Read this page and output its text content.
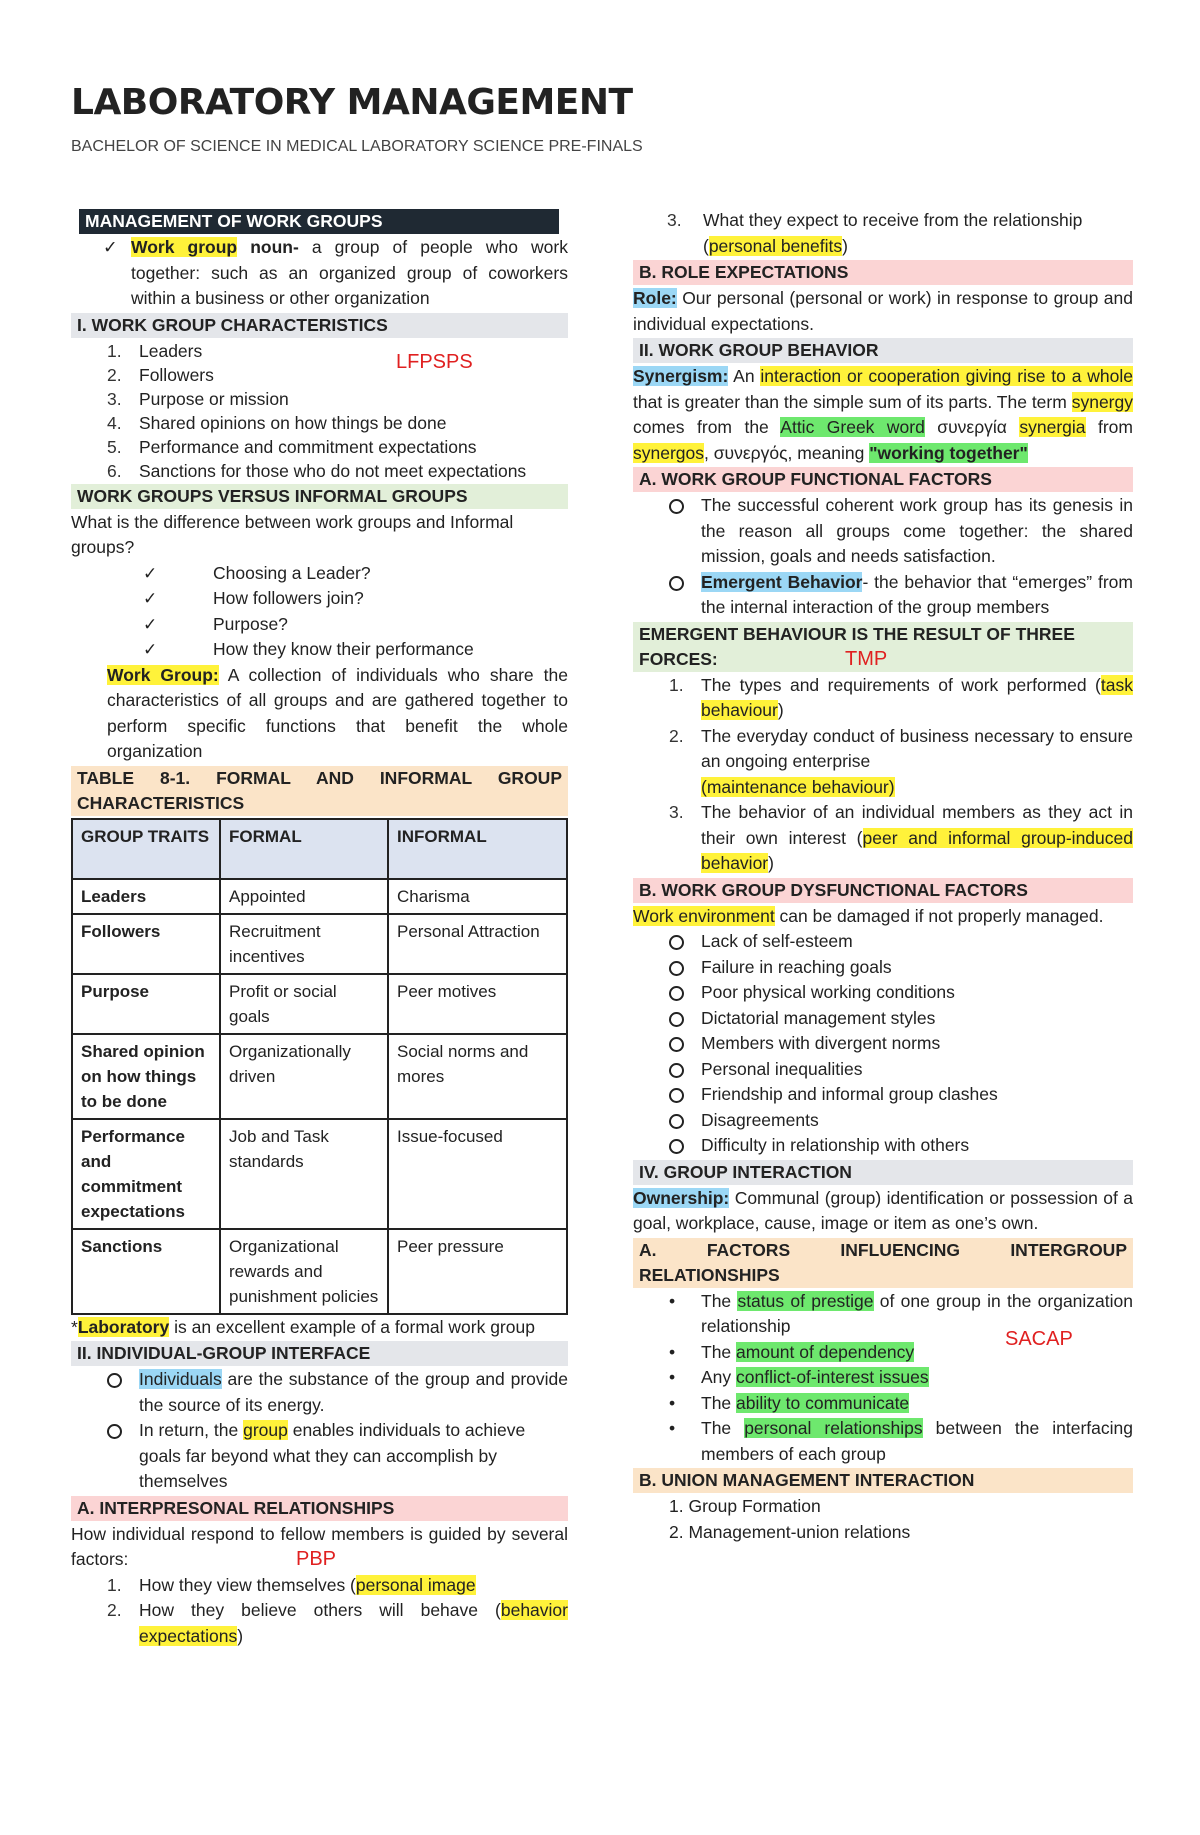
LABORATORY MANAGEMENT
BACHELOR OF SCIENCE IN MEDICAL LABORATORY SCIENCE PRE-FINALS
MANAGEMENT OF WORK GROUPS
✓ Work group noun- a group of people who work together: such as an organized group of coworkers within a business or other organization
I. WORK GROUP CHARACTERISTICS
1. Leaders
2. Followers
3. Purpose or mission
4. Shared opinions on how things be done
5. Performance and commitment expectations
6. Sanctions for those who do not meet expectations
LFPSPS
WORK GROUPS VERSUS INFORMAL GROUPS
What is the difference between work groups and Informal groups?
✓	Choosing a Leader?
✓	How followers join?
✓	Purpose?
✓	How they know their performance
Work Group: A collection of individuals who share the characteristics of all groups and are gathered together to perform specific functions that benefit the whole organization
TABLE 8-1. FORMAL AND INFORMAL GROUP CHARACTERISTICS
GROUP TRAITS	FORMAL	INFORMAL
Leaders	Appointed	Charisma
Followers	Recruitment incentives	Personal Attraction
Purpose	Profit or social goals	Peer motives
Shared opinion on how things to be done	Organizationally driven	Social norms and mores
Performance and commitment expectations	Job and Task standards	Issue-focused
Sanctions	Organizational rewards and punishment policies	Peer pressure
*Laboratory is an excellent example of a formal work group
II. INDIVIDUAL-GROUP INTERFACE
Individuals are the substance of the group and provide the source of its energy.
In return, the group enables individuals to achieve goals far beyond what they can accomplish by themselves
A. INTERPRESONAL RELATIONSHIPS
How individual respond to fellow members is guided by several factors:	PBP
1. How they view themselves (personal image
2. How they believe others will behave (behavior expectations)
3. What they expect to receive from the relationship (personal benefits)
B. ROLE EXPECTATIONS
Role: Our personal (personal or work) in response to group and individual expectations.
II. WORK GROUP BEHAVIOR
Synergism: An interaction or cooperation giving rise to a whole that is greater than the simple sum of its parts. The term synergy comes from the Attic Greek word συνεργία synergia from synergos, συνεργός, meaning "working together"
A. WORK GROUP FUNCTIONAL FACTORS
The successful coherent work group has its genesis in the reason all groups come together: the shared mission, goals and needs satisfaction.
Emergent Behavior- the behavior that “emerges” from the internal interaction of the group members
EMERGENT BEHAVIOUR IS THE RESULT OF THREE FORCES:	TMP
1. The types and requirements of work performed (task behaviour)
2. The everyday conduct of business necessary to ensure an ongoing enterprise
(maintenance behaviour)
3. The behavior of an individual members as they act in their own interest (peer and informal group-induced behavior)
B. WORK GROUP DYSFUNCTIONAL FACTORS
Work environment can be damaged if not properly managed.
Lack of self-esteem
Failure in reaching goals
Poor physical working conditions
Dictatorial management styles
Members with divergent norms
Personal inequalities
Friendship and informal group clashes
Disagreements
Difficulty in relationship with others
IV. GROUP INTERACTION
Ownership: Communal (group) identification or possession of a goal, workplace, cause, image or item as one’s own.
A. FACTORS INFLUENCING INTERGROUP RELATIONSHIPS
• The status of prestige of one group in the organization relationship
• The amount of dependency
• Any conflict-of-interest issues
• The ability to communicate
• The personal relationships between the interfacing members of each group
SACAP
B. UNION MANAGEMENT INTERACTION
1. Group Formation
2. Management-union relations
